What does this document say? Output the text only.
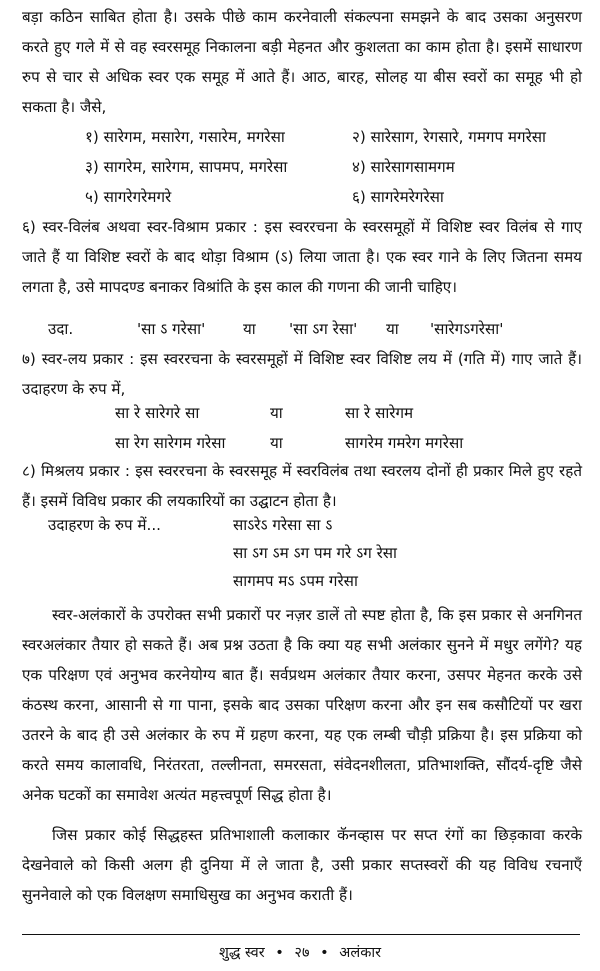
बड़ा कठिन साबित होता है। उसके पीछे काम करनेवाली संकल्पना समझने के बाद उसका अनुसरण करते हुए गले में से वह स्वरसमूह निकालना बड़ी मेहनत और कुशलता का काम होता है। इसमें साधारण रुप से चार से अधिक स्वर एक समूह में आते हैं। आठ, बारह, सोलह या बीस स्वरों का समूह भी हो सकता है। जैसे,

१) सारेगम, मसारेग, गसारेम, मगरेसा	२) सारेसाग, रेगसारे, गमगप मगरेसा
३) सागरेम, सारेगम, सापमप, मगरेसा	४) सारेसागसामगम
५) सागरेगरेमगरे	६) सागरेमरेगरेसा

६) स्वर-विलंब अथवा स्वर-विश्राम प्रकार : इस स्वररचना के स्वरसमूहों में विशिष्ट स्वर विलंब से गाए जाते हैं या विशिष्ट स्वरों के बाद थोड़ा विश्राम (ऽ) लिया जाता है। एक स्वर गाने के लिए जितना समय लगता है, उसे मापदण्ड बनाकर विश्रांति के इस काल की गणना की जानी चाहिए।

उदा.	'सा ऽ गरेसा' या 'सा ऽग रेसा' या 'सारेगऽगरेसा'

७) स्वर-लय प्रकार : इस स्वररचना के स्वरसमूहों में विशिष्ट स्वर विशिष्ट लय में (गति में) गाए जाते हैं। उदाहरण के रुप में,

सा रे सारेगरे सा	या	सा रे सारेगम
सा रेग सारेगम गरेसा	या	सागरेम गमरेग मगरेसा

८) मिश्रलय प्रकार : इस स्वररचना के स्वरसमूह में स्वरविलंब तथा स्वरलय दोनों ही प्रकार मिले हुए रहते हैं। इसमें विविध प्रकार की लयकारियों का उद्घाटन होता है।

उदाहरण के रुप में...	साऽरेऽ गरेसा सा ऽ
सा ऽग ऽम ऽग पम गरे ऽग रेसा
सागमप मऽ ऽपम गरेसा

स्वर-अलंकारों के उपरोक्त सभी प्रकारों पर नज़र डालें तो स्पष्ट होता है, कि इस प्रकार से अनगिनत स्वरअलंकार तैयार हो सकते हैं। अब प्रश्न उठता है कि क्या यह सभी अलंकार सुनने में मधुर लगेंगे? यह एक परिक्षण एवं अनुभव करनेयोग्य बात हैं। सर्वप्रथम अलंकार तैयार करना, उसपर मेहनत करके उसे कंठस्थ करना, आसानी से गा पाना, इसके बाद उसका परिक्षण करना और इन सब कसौटियों पर खरा उतरने के बाद ही उसे अलंकार के रुप में ग्रहण करना, यह एक लम्बी चौड़ी प्रक्रिया है। इस प्रक्रिया को करते समय कालावधि, निरंतरता, तल्लीनता, समरसता, संवेदनशीलता, प्रतिभाशक्ति, सौंदर्य-दृष्टि जैसे अनेक घटकों का समावेश अत्यंत महत्त्वपूर्ण सिद्ध होता है।

जिस प्रकार कोई सिद्धहस्त प्रतिभाशाली कलाकार कॅनव्हास पर सप्त रंगों का छिड़कावा करके देखनेवाले को किसी अलग ही दुनिया में ले जाता है, उसी प्रकार सप्तस्वरों की यह विविध रचनाएँ सुननेवाले को एक विलक्षण समाधिसुख का अनुभव कराती हैं।

शुद्ध स्वर • २७ • अलंकार
